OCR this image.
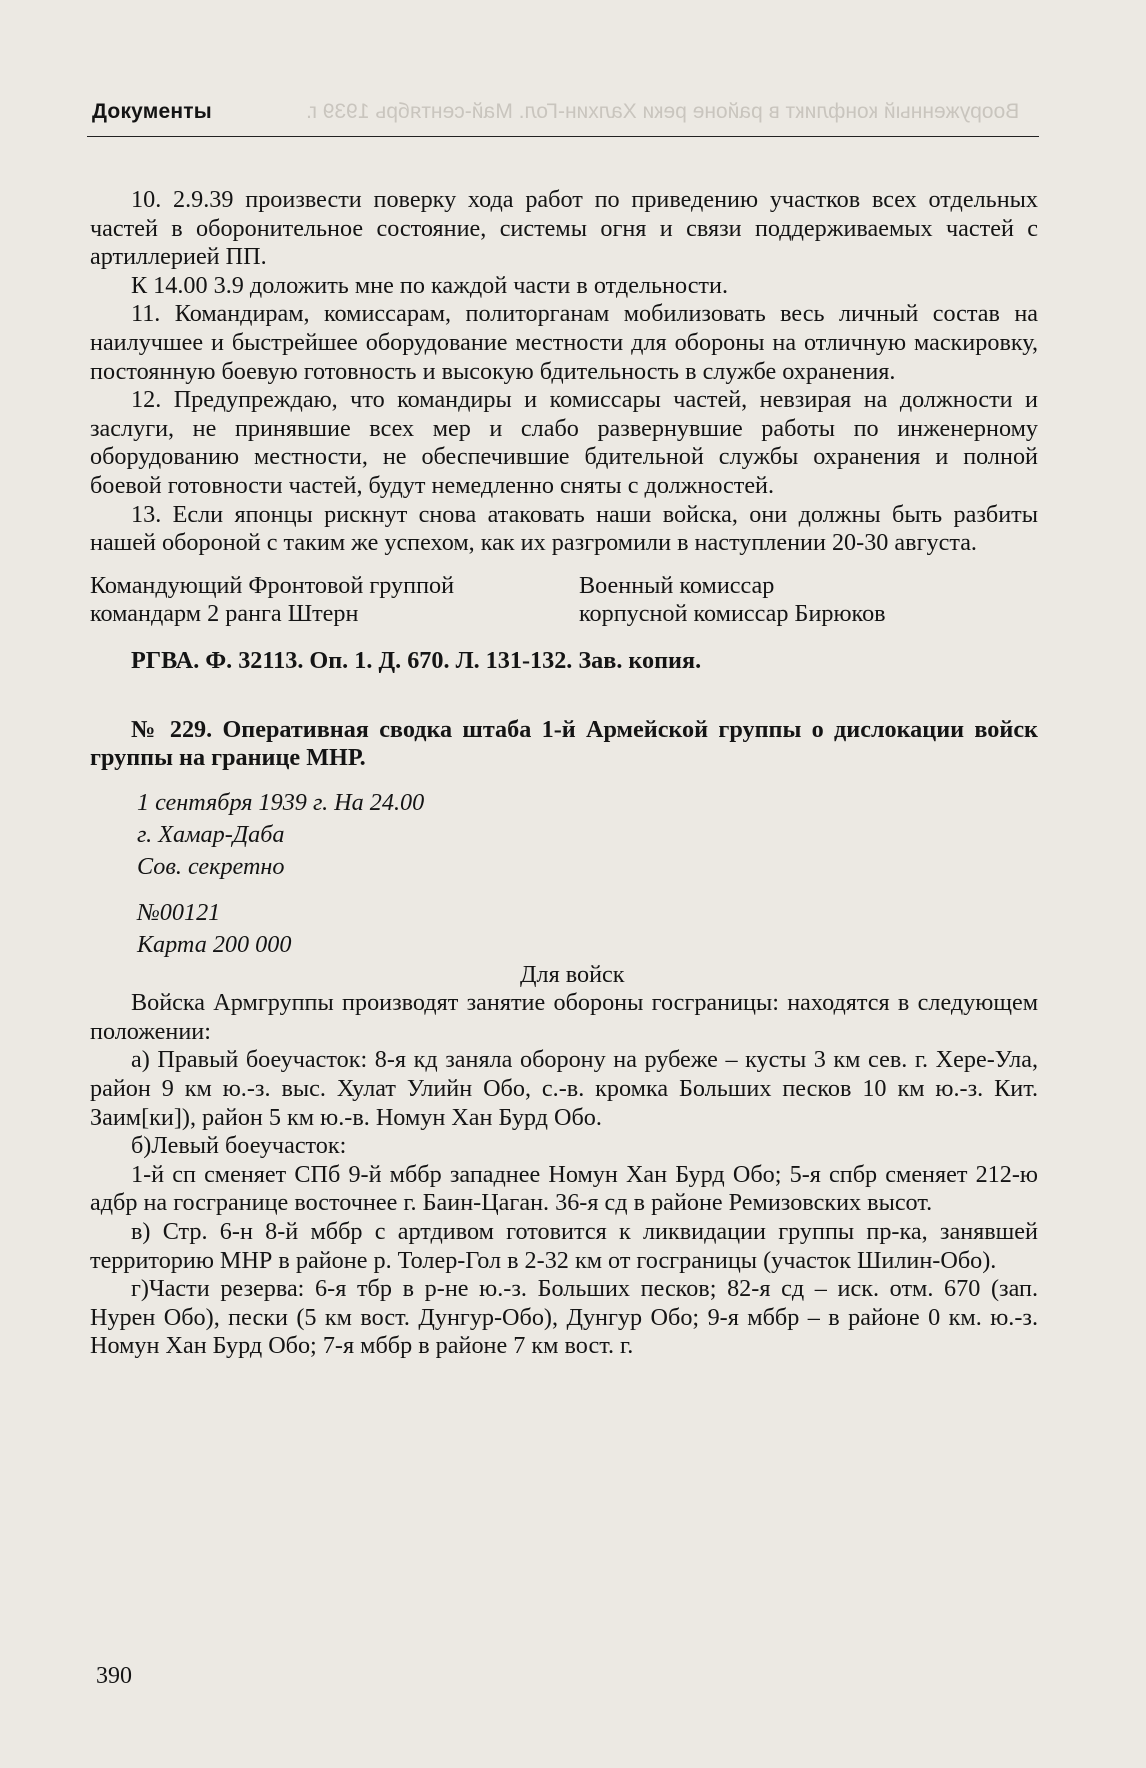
Документы	Вооруженный конфликт в районе реки Халхин-Гол. Май-сентябрь 1939 г.

10. 2.9.39 произвести поверку хода работ по приведению участков всех отдельных частей в оборонительное состояние, системы огня и связи поддерживаемых частей с артиллерией ПП.

К 14.00 3.9 доложить мне по каждой части в отдельности.

11. Командирам, комиссарам, политорганам мобилизовать весь личный состав на наилучшее и быстрейшее оборудование местности для обороны на отличную маскировку, постоянную боевую готовность и высокую бдительность в службе охранения.

12. Предупреждаю, что командиры и комиссары частей, невзирая на должности и заслуги, не принявшие всех мер и слабо развернувшие работы по инженерному оборудованию местности, не обеспечившие бдительной службы охранения и полной боевой готовности частей, будут немедленно сняты с должностей.

13. Если японцы рискнут снова атаковать наши войска, они должны быть разбиты нашей обороной с таким же успехом, как их разгромили в наступлении 20-30 августа.

Командующий Фронтовой группой
командарм 2 ранга Штерн
Военный комиссар
корпусной комиссар Бирюков

РГВА. Ф. 32113. Оп. 1. Д. 670. Л. 131-132. Зав. копия.

№ 229. Оперативная сводка штаба 1-й Армейской группы о дислокации войск группы на границе МНР.

1 сентября 1939 г. На 24.00
г. Хамар-Даба
Сов. секретно
№00121
Карта 200 000
Для войск

Войска Армгруппы производят занятие обороны госграницы: находятся в следующем положении:

а) Правый боеучасток: 8-я кд заняла оборону на рубеже – кусты 3 км сев. г. Хере-Ула, район 9 км ю.-з. выс. Хулат Улийн Обо, с.-в. кромка Больших песков 10 км ю.-з. Кит. Заим[ки]), район 5 км ю.-в. Номун Хан Бурд Обо.

б)Левый боеучасток:

1-й сп сменяет СПб 9-й мббр западнее Номун Хан Бурд Обо; 5-я спбр сменяет 212-ю адбр на госгранице восточнее г. Баин-Цаган. 36-я сд в районе Ремизовских высот.

в) Стр. 6-н 8-й мббр с артдивом готовится к ликвидации группы пр-ка, занявшей территорию МНР в районе р. Толер-Гол в 2-32 км от госграницы (участок Шилин-Обо).

г)Части резерва: 6-я тбр в р-не ю.-з. Больших песков; 82-я сд – иск. отм. 670 (зап. Нурен Обо), пески (5 км вост. Дунгур-Обо), Дунгур Обо; 9-я мббр – в районе 0 км. ю.-з. Номун Хан Бурд Обо; 7-я мббр в районе 7 км вост. г.

390
